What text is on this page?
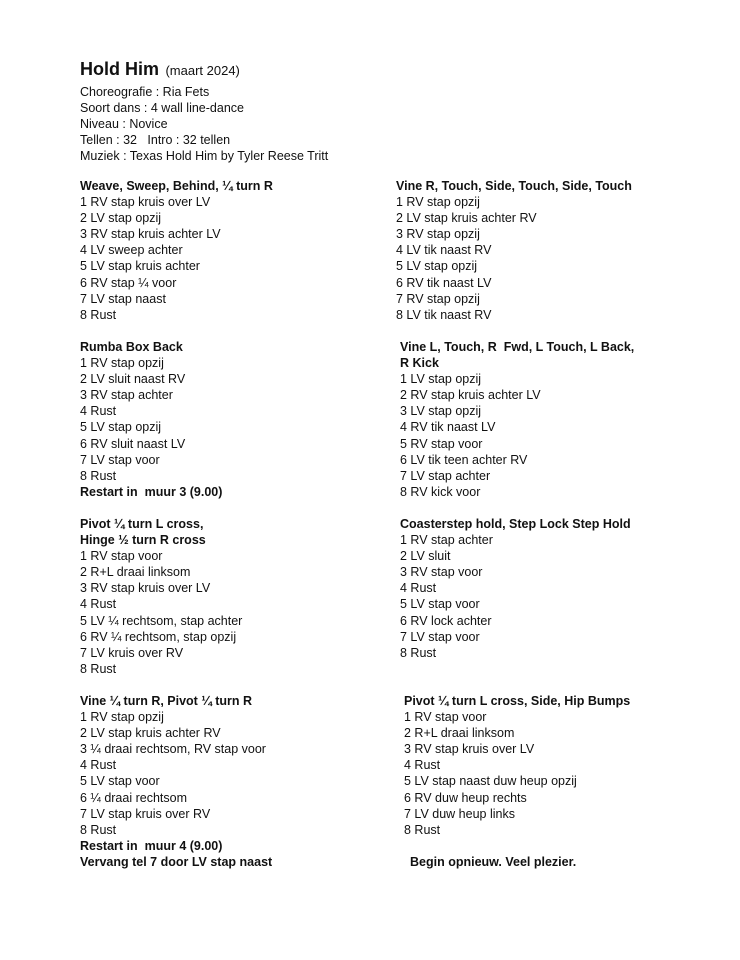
Hold Him (maart 2024)

Choreografie : Ria Fets

Soort dans : 4 wall line-dance

Niveau : Novice

Tellen : 32   Intro : 32 tellen

Muziek : Texas Hold Him by Tyler Reese Tritt

Weave, Sweep, Behind, ¼ turn R

1 RV stap kruis over LV

2 LV stap opzij

3 RV stap kruis achter LV

4 LV sweep achter

5 LV stap kruis achter

6 RV stap ¼ voor

7 LV stap naast

8 Rust

Rumba Box Back

1 RV stap opzij

2 LV sluit naast RV

3 RV stap achter

4 Rust

5 LV stap opzij

6 RV sluit naast LV

7 LV stap voor

8 Rust

Restart in  muur 3 (9.00)

Pivot ¼ turn L cross,

Hinge ½ turn R cross

1 RV stap voor

2 R+L draai linksom

3 RV stap kruis over LV

4 Rust

5 LV ¼ rechtsom, stap achter

6 RV ¼ rechtsom, stap opzij

7 LV kruis over RV

8 Rust

Vine ¼ turn R, Pivot ¼ turn R

1 RV stap opzij

2 LV stap kruis achter RV

3 ¼ draai rechtsom, RV stap voor

4 Rust

5 LV stap voor

6 ¼ draai rechtsom

7 LV stap kruis over RV

8 Rust

Restart in  muur 4 (9.00)

Vervang tel 7 door LV stap naast

Vine R, Touch, Side, Touch, Side, Touch

1 RV stap opzij

2 LV stap kruis achter RV

3 RV stap opzij

4 LV tik naast RV

5 LV stap opzij

6 RV tik naast LV

7 RV stap opzij

8 LV tik naast RV

Vine L, Touch, R  Fwd, L Touch, L Back,

R Kick

1 LV stap opzij

2 RV stap kruis achter LV

3 LV stap opzij

4 RV tik naast LV

5 RV stap voor

6 LV tik teen achter RV

7 LV stap achter

8 RV kick voor

Coasterstep hold, Step Lock Step Hold

1 RV stap achter

2 LV sluit

3 RV stap voor

4 Rust

5 LV stap voor

6 RV lock achter

7 LV stap voor

8 Rust

Pivot ¼ turn L cross, Side, Hip Bumps

1 RV stap voor

2 R+L draai linksom

3 RV stap kruis over LV

4 Rust

5 LV stap naast duw heup opzij

6 RV duw heup rechts

7 LV duw heup links

8 Rust

Begin opnieuw. Veel plezier.
